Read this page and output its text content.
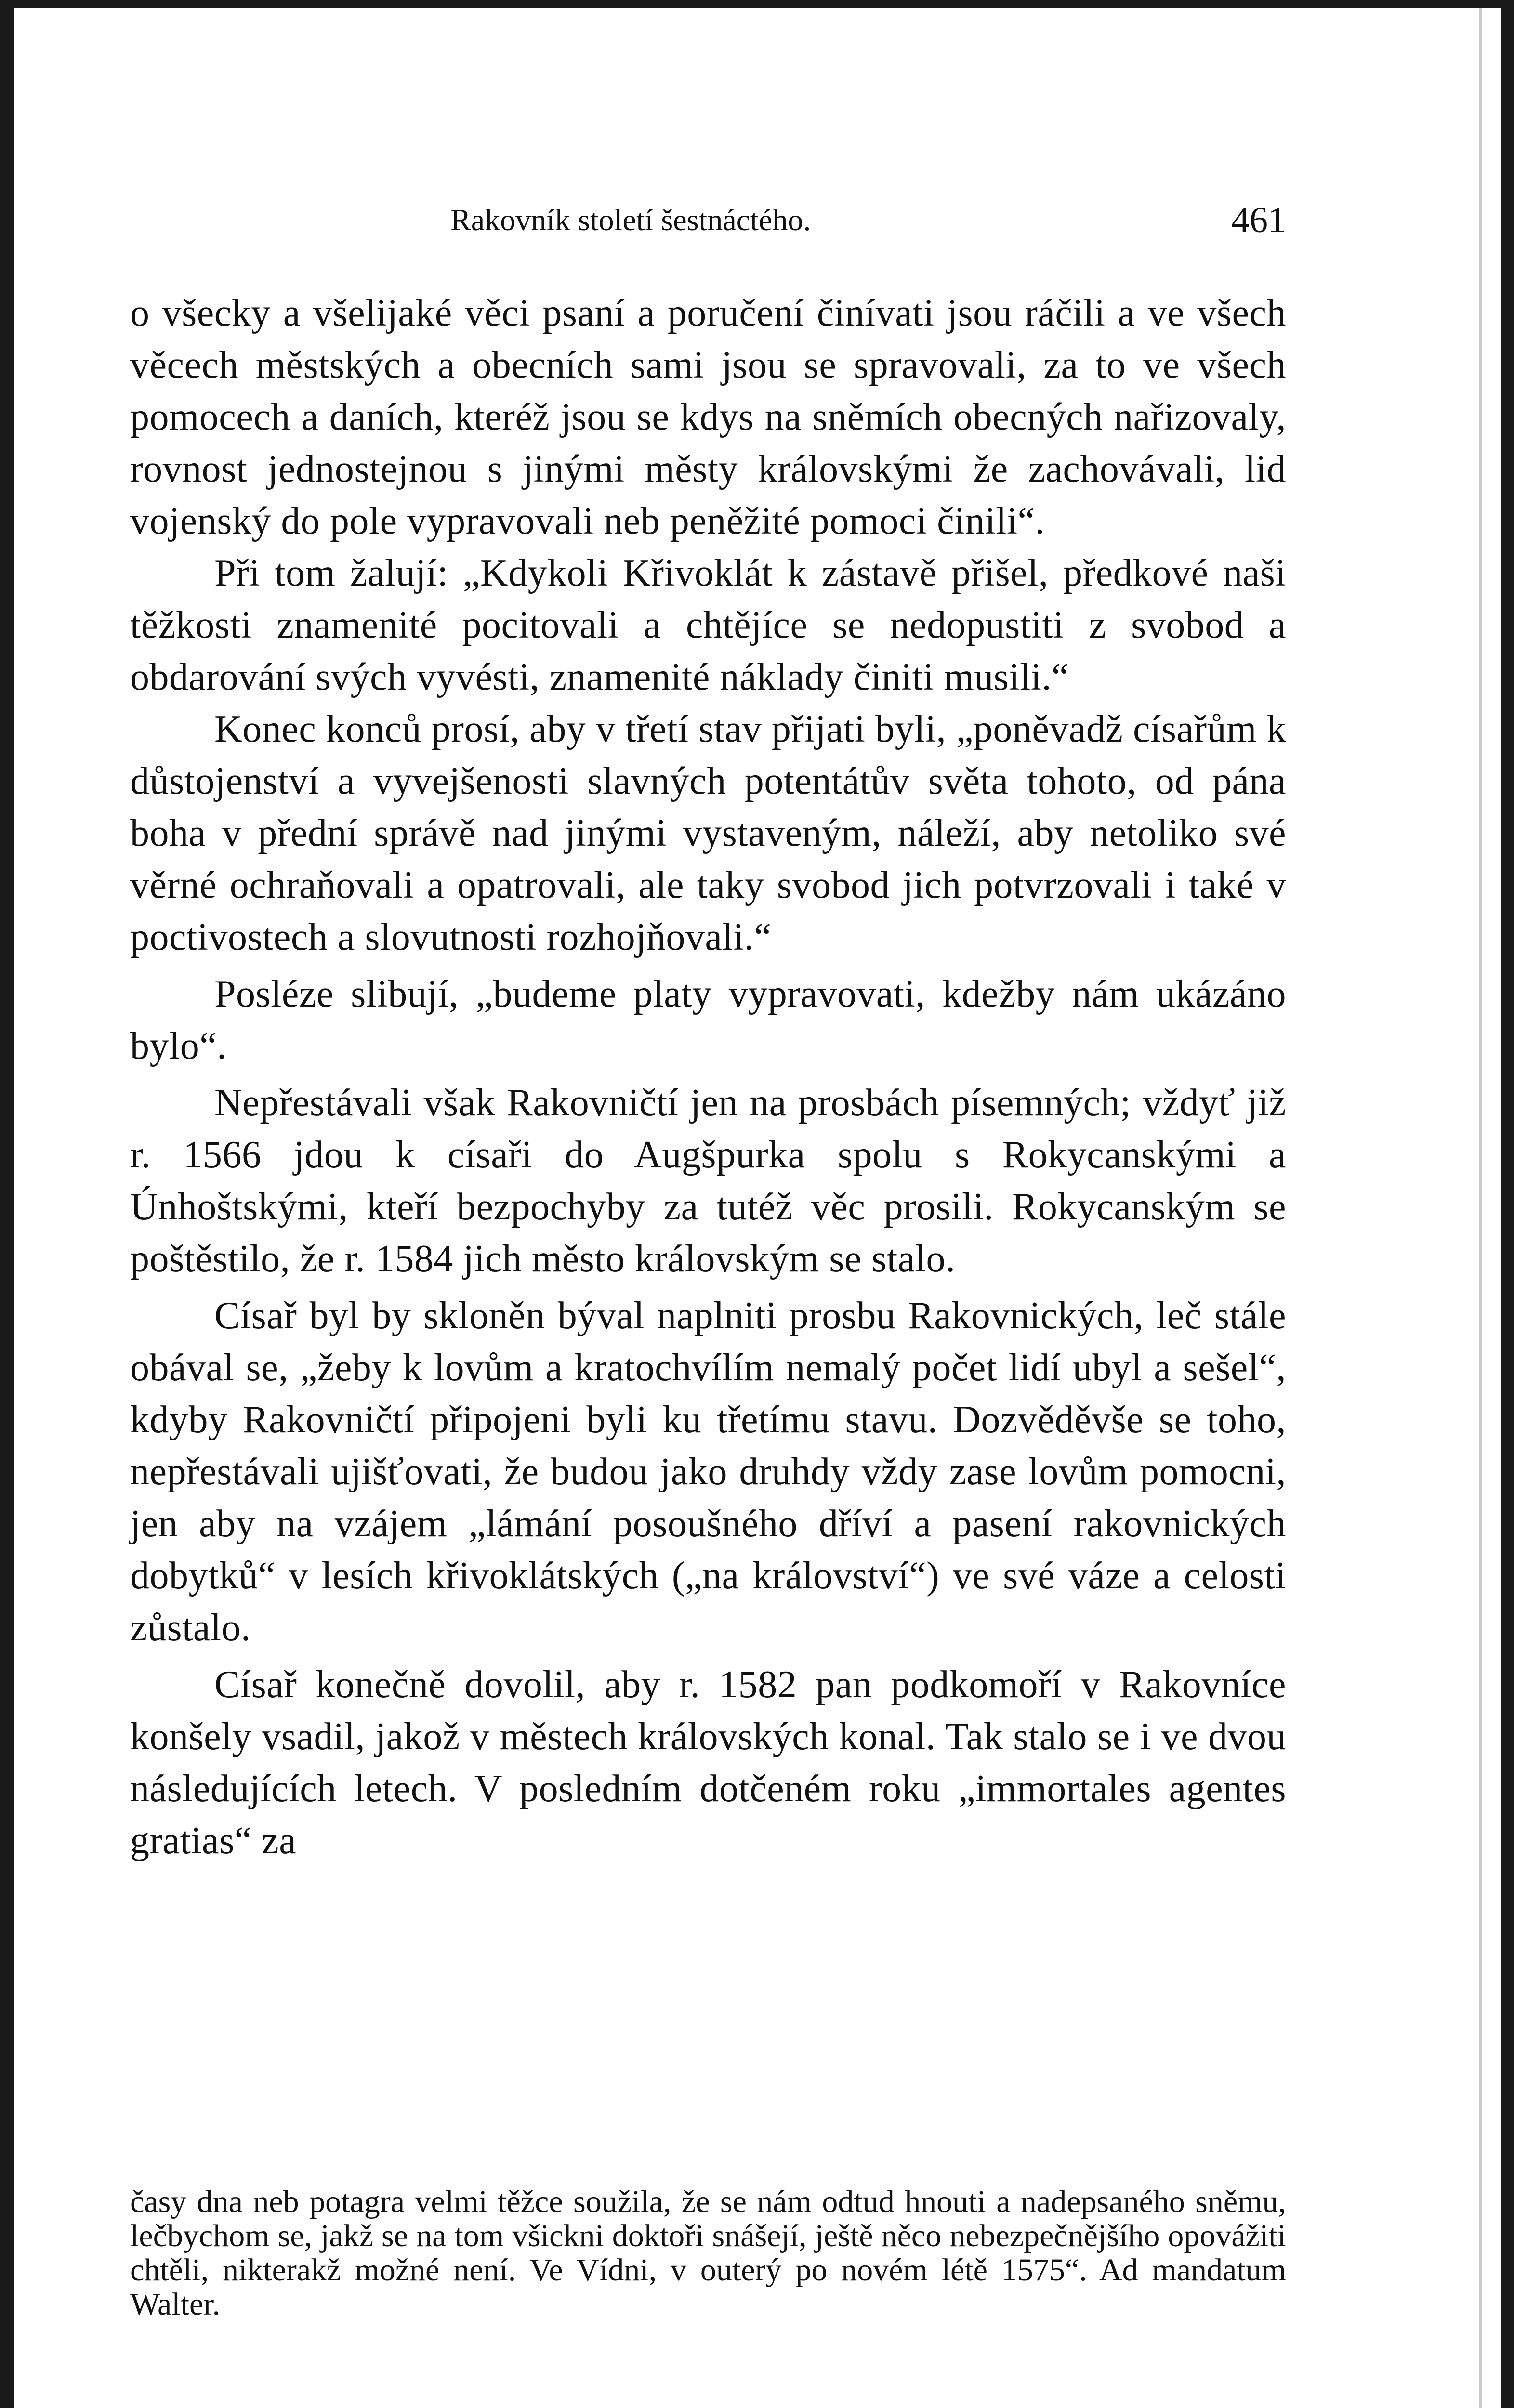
Rakovník století šestnáctého.	461

o všecky a všelijaké věci psaní a poručení činívati jsou ráčili a ve všech věcech městských a obecních sami jsou se spravovali, za to ve všech pomocech a daních, kteréž jsou se kdys na sněmích obecných nařizovaly, rovnost jednostejnou s jinými městy královskými že zachovávali, lid vojenský do pole vypravovali neb peněžité pomoci činili“.

Při tom žalují: „Kdykoli Křivoklát k zástavě přišel, předkové naši těžkosti znamenité pocitovali a chtějíce se nedopustiti z svobod a obdarování svých vyvésti, znamenité náklady činiti musili.“

Konec konců prosí, aby v třetí stav přijati byli, „poněvadž císařům k důstojenství a vyvejšenosti slavných potentátův světa tohoto, od pána boha v přední správě nad jinými vystaveným, náleží, aby netoliko své věrné ochraňovali a opatrovali, ale taky svobod jich potvrzovali i také v poctivostech a slovutnosti rozhojňovali.“

Posléze slibují, „budeme platy vypravovati, kdežby nám ukázáno bylo“.

Nepřestávali však Rakovničtí jen na prosbách písemných; vždyť již r. 1566 jdou k císaři do Augšpurka spolu s Rokycanskými a Únhoštskými, kteří bezpochyby za tutéž věc prosili. Rokycanským se poštěstilo, že r. 1584 jich město královským se stalo.

Císař byl by skloněn býval naplniti prosbu Rakovnických, leč stále obával se, „žeby k lovům a kratochvílím nemalý počet lidí ubyl a sešel“, kdyby Rakovničtí připojeni byli ku třetímu stavu. Dozvěděvše se toho, nepřestávali ujišťovati, že budou jako druhdy vždy zase lovům pomocni, jen aby na vzájem „lámání posoušného dříví a pasení rakovnických dobytků“ v lesích křivoklátských („na království“) ve své váze a celosti zůstalo.

Císař konečně dovolil, aby r. 1582 pan podkomoří v Rakovníce konšely vsadil, jakož v městech královských konal. Tak stalo se i ve dvou následujících letech. V posledním dotčeném roku „immortales agentes gratias“ za

časy dna neb potagra velmi těžce soužila, že se nám odtud hnouti a nadepsaného sněmu, lečbychom se, jakž se na tom všickni doktoři snášejí, ještě něco nebezpečnějšího opovážiti chtěli, nikterakž možné není. Ve Vídni, v outerý po novém létě 1575“. Ad mandatum Walter.
